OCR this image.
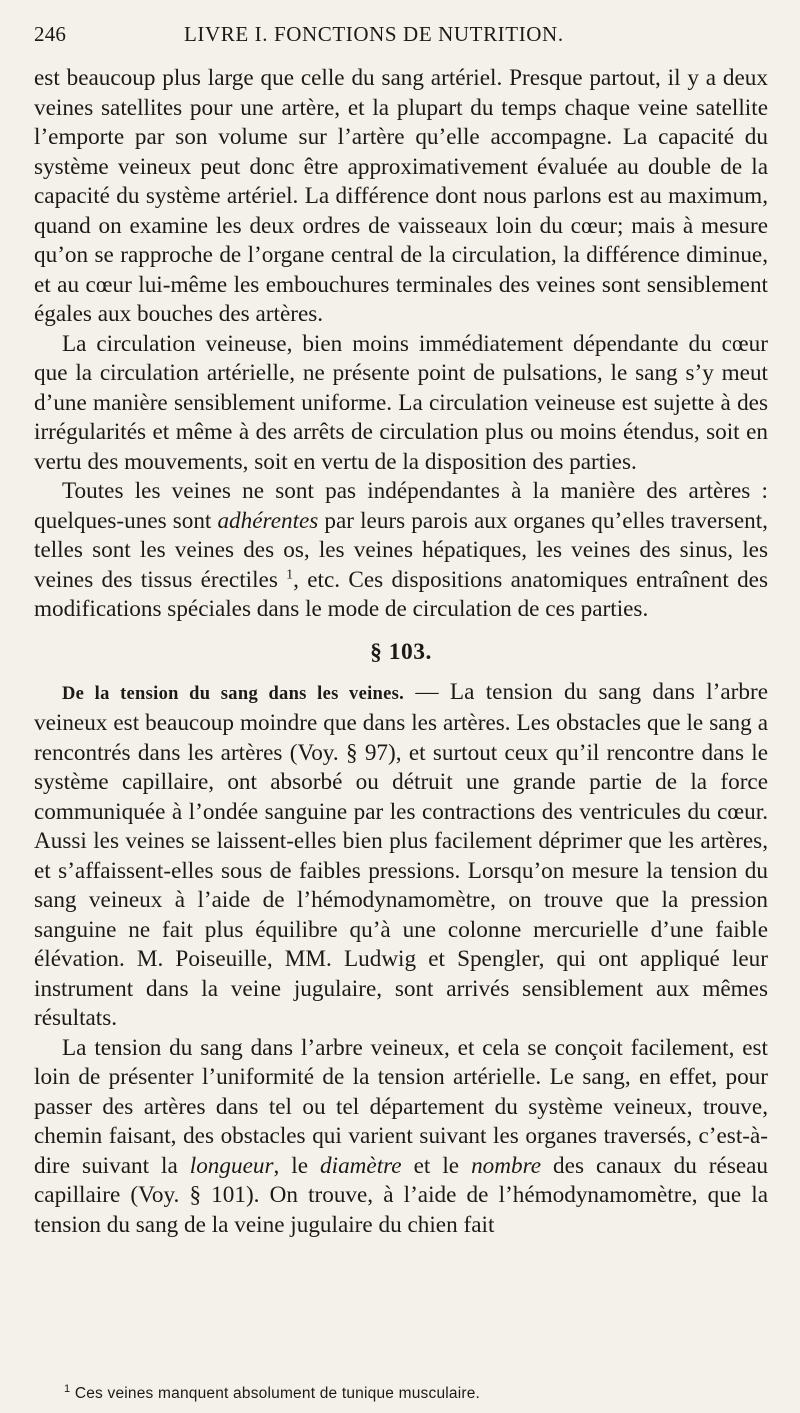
246	LIVRE I. FONCTIONS DE NUTRITION.

est beaucoup plus large que celle du sang artériel. Presque partout, il y a deux veines satellites pour une artère, et la plupart du temps chaque veine satellite l’emporte par son volume sur l’artère qu’elle accompagne. La capacité du système veineux peut donc être approximativement évaluée au double de la capacité du système artériel. La différence dont nous parlons est au maximum, quand on examine les deux ordres de vaisseaux loin du cœur; mais à mesure qu’on se rapproche de l’organe central de la circulation, la différence diminue, et au cœur lui-même les embouchures terminales des veines sont sensiblement égales aux bouches des artères.

La circulation veineuse, bien moins immédiatement dépendante du cœur que la circulation artérielle, ne présente point de pulsations, le sang s’y meut d’une manière sensiblement uniforme. La circulation veineuse est sujette à des irrégularités et même à des arrêts de circulation plus ou moins étendus, soit en vertu des mouvements, soit en vertu de la disposition des parties.

Toutes les veines ne sont pas indépendantes à la manière des artères : quelques-unes sont adhérentes par leurs parois aux organes qu’elles traversent, telles sont les veines des os, les veines hépatiques, les veines des sinus, les veines des tissus érectiles $^1$, etc. Ces dispositions anatomiques entraînent des modifications spéciales dans le mode de circulation de ces parties.

§ 103.

De la tension du sang dans les veines. — La tension du sang dans l’arbre veineux est beaucoup moindre que dans les artères. Les obstacles que le sang a rencontrés dans les artères (Voy. § 97), et surtout ceux qu’il rencontre dans le système capillaire, ont absorbé ou détruit une grande partie de la force communiquée à l’ondée sanguine par les contractions des ventricules du cœur. Aussi les veines se laissent-elles bien plus facilement déprimer que les artères, et s’affaissent-elles sous de faibles pressions. Lorsqu’on mesure la tension du sang veineux à l’aide de l’hémodynamomètre, on trouve que la pression sanguine ne fait plus équilibre qu’à une colonne mercurielle d’une faible élévation. M. Poiseuille, MM. Ludwig et Spengler, qui ont appliqué leur instrument dans la veine jugulaire, sont arrivés sensiblement aux mêmes résultats.

La tension du sang dans l’arbre veineux, et cela se conçoit facilement, est loin de présenter l’uniformité de la tension artérielle. Le sang, en effet, pour passer des artères dans tel ou tel département du système veineux, trouve, chemin faisant, des obstacles qui varient suivant les organes traversés, c’est-à-dire suivant la longueur, le diamètre et le nombre des canaux du réseau capillaire (Voy. § 101). On trouve, à l’aide de l’hémodynamomètre, que la tension du sang de la veine jugulaire du chien fait

$^1$ Ces veines manquent absolument de tunique musculaire.
